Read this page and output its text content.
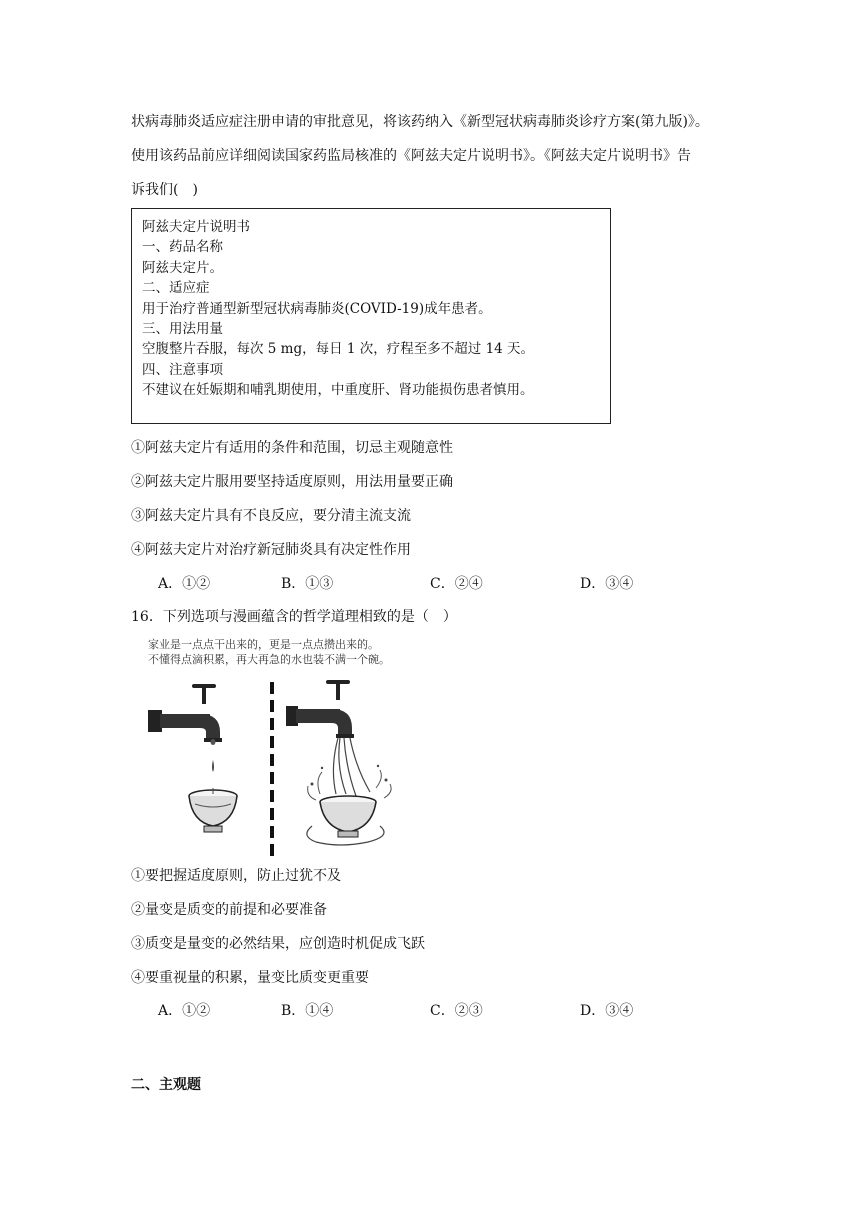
状病毒肺炎适应症注册申请的审批意见，将该药纳入《新型冠状病毒肺炎诊疗方案(第九版)》。
使用该药品前应详细阅读国家药监局核准的《阿兹夫定片说明书》。《阿兹夫定片说明书》告
诉我们(　)
阿兹夫定片说明书
一、药品名称
阿兹夫定片。
二、适应症
用于治疗普通型新型冠状病毒肺炎(COVID-19)成年患者。
三、用法用量
空腹整片吞服，每次 5 mg，每日 1 次，疗程至多不超过 14 天。
四、注意事项
不建议在妊娠期和哺乳期使用，中重度肝、肾功能损伤患者慎用。
①阿兹夫定片有适用的条件和范围，切忌主观随意性
②阿兹夫定片服用要坚持适度原则，用法用量要正确
③阿兹夫定片具有不良反应，要分清主流支流
④阿兹夫定片对治疗新冠肺炎具有决定性作用
A．①②	B．①③	C．②④	D．③④
16．下列选项与漫画蕴含的哲学道理相致的是（　）
家业是一点点干出来的，更是一点点攒出来的。
不懂得点滴积累，再大再急的水也装不满一个碗。
①要把握适度原则，防止过犹不及
②量变是质变的前提和必要准备
③质变是量变的必然结果，应创造时机促成飞跃
④要重视量的积累，量变比质变更重要
A．①②	B．①④	C．②③	D．③④
二、主观题
